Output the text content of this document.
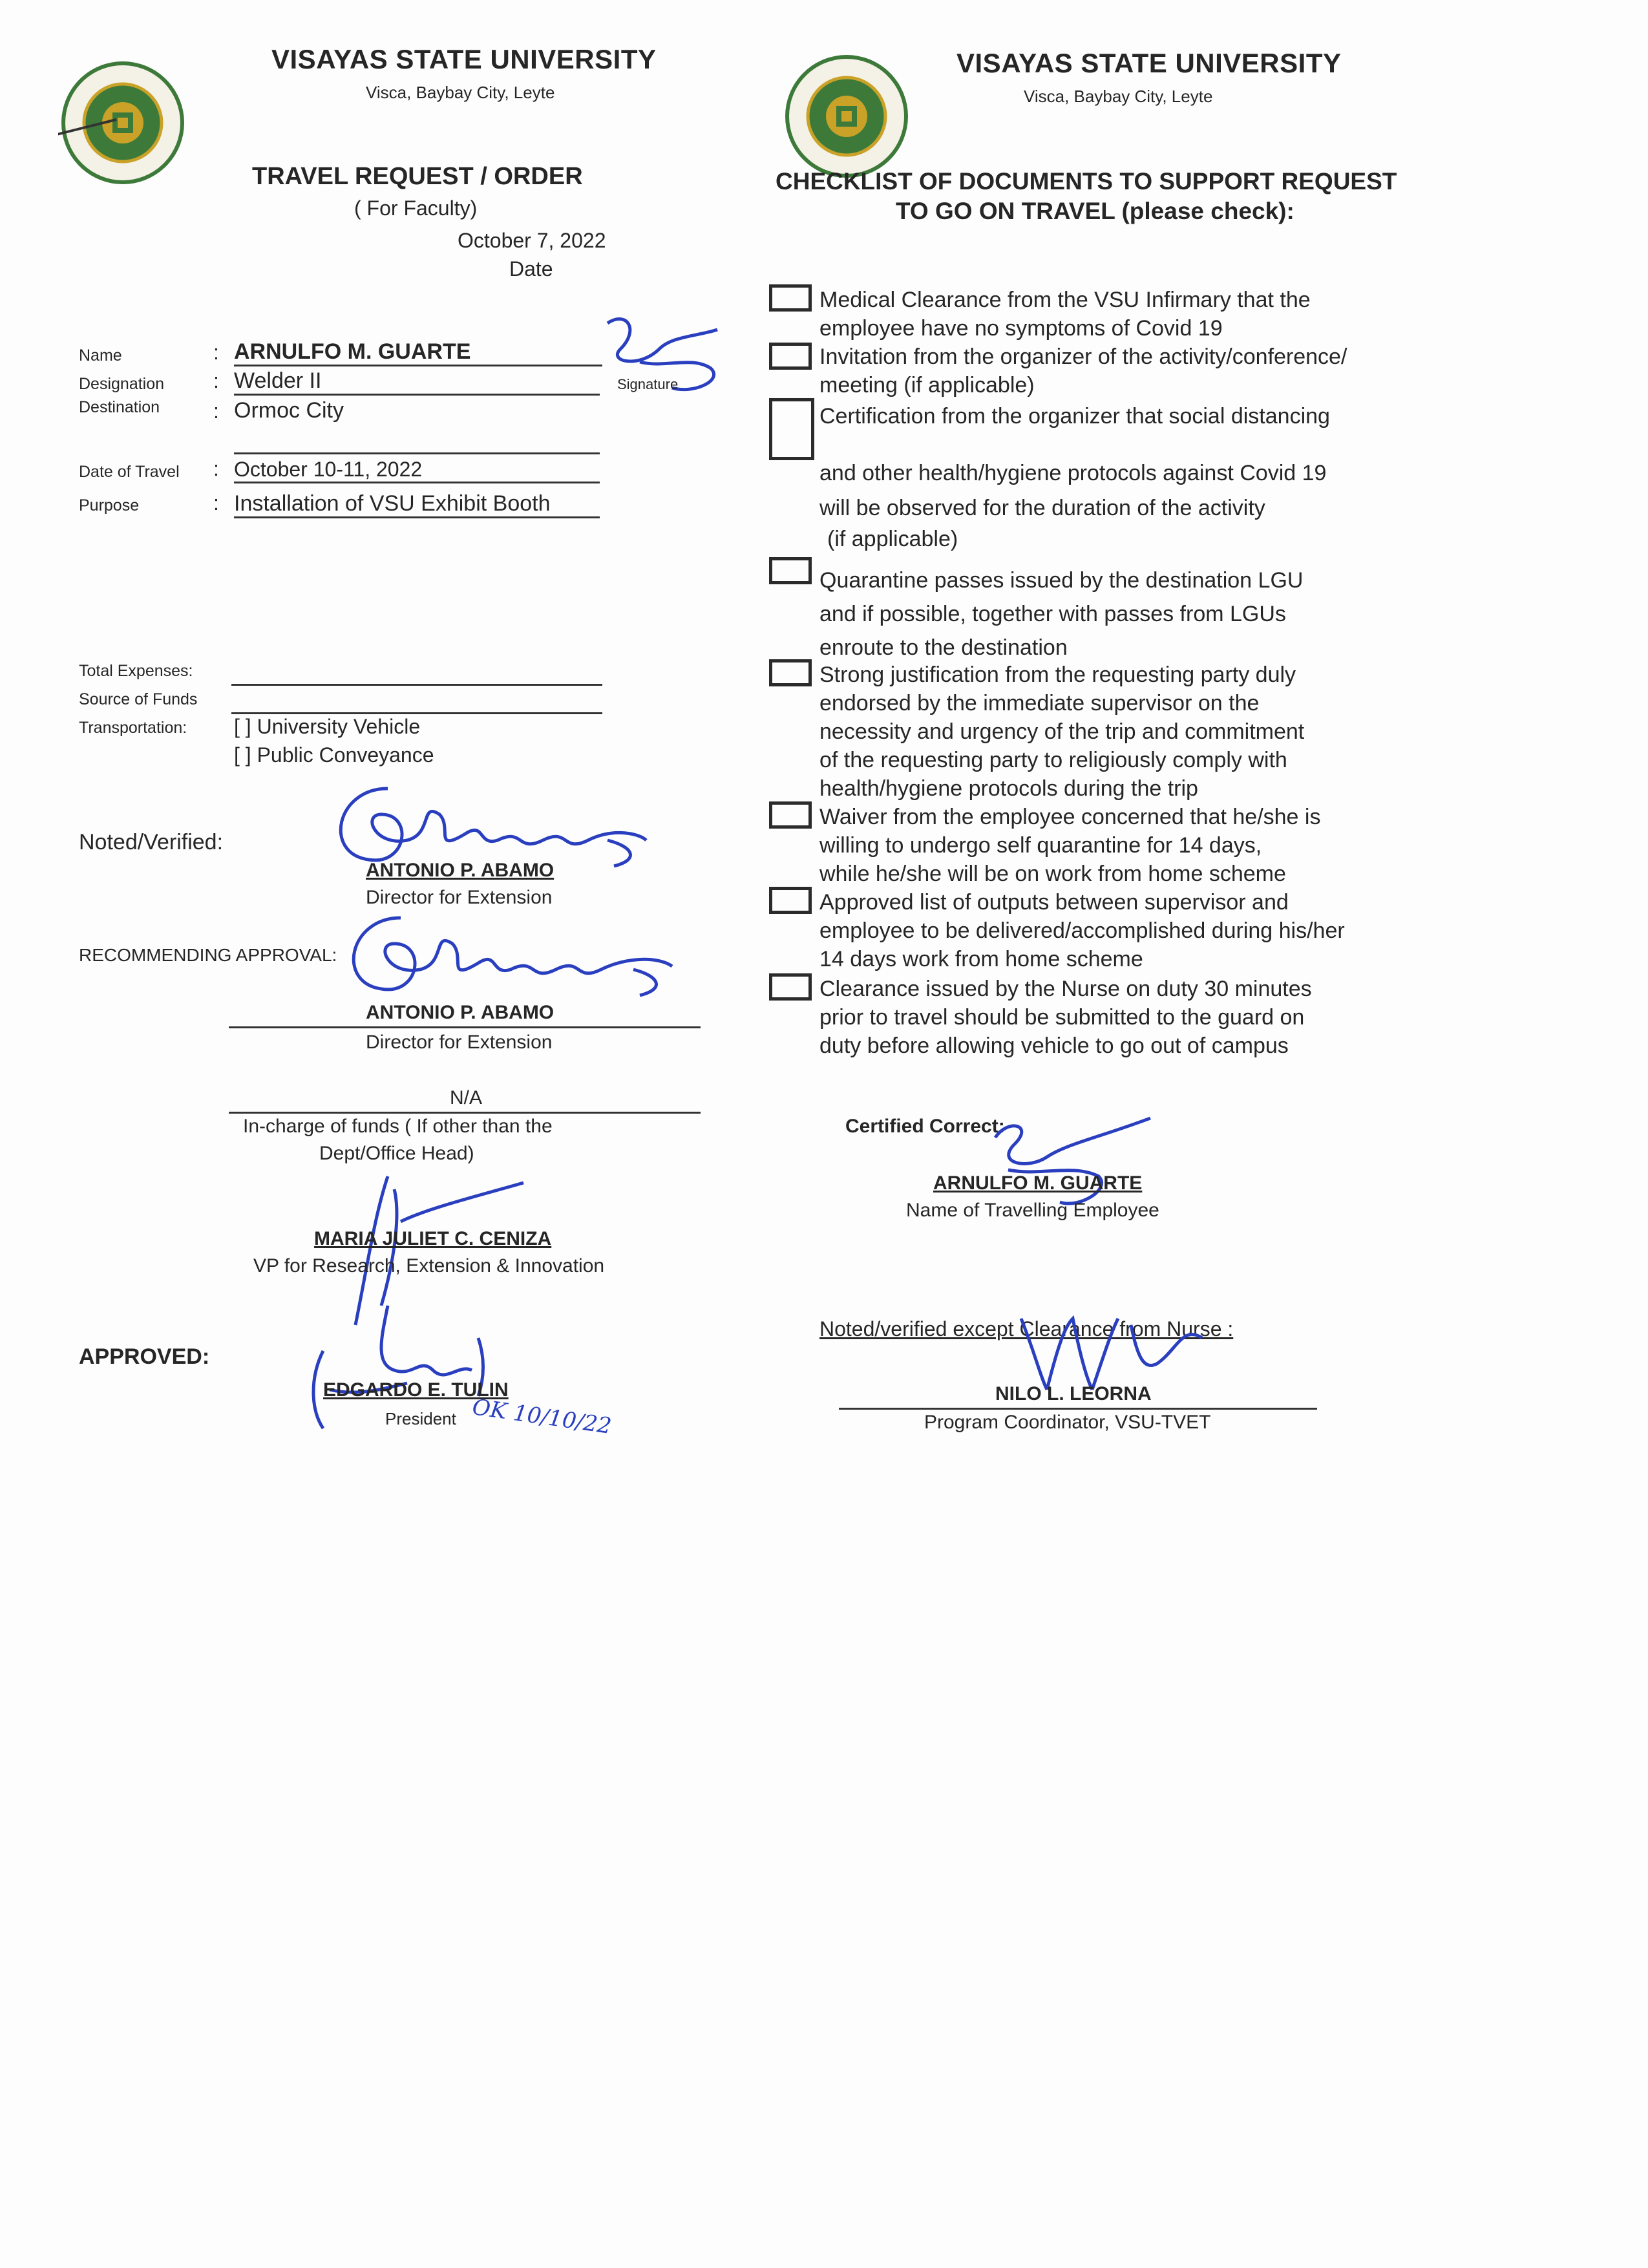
VISAYAS STATE UNIVERSITY
Visca, Baybay City, Leyte
VISAYAS STATE UNIVERSITY
Visca, Baybay City, Leyte
TRAVEL REQUEST / ORDER
( For Faculty)
October 7, 2022
Date
Name	: ARNULFO M. GUARTE
Designation : Welder II	Signature
Destination	: Ormoc City
Date of Travel : October 10-11, 2022
Purpose	: Installation of VSU Exhibit Booth
Total Expenses:
Source of Funds
Transportation: [ ] University Vehicle
[ ] Public Conveyance
Noted/Verified:
ANTONIO P. ABAMO
Director for Extension
RECOMMENDING APPROVAL:
ANTONIO P. ABAMO
Director for Extension
N/A
In-charge of funds ( If other than the
Dept/Office Head)
MARIA JULIET C. CENIZA
VP for Research, Extension & Innovation
APPROVED:
EDGARDO E. TULIN
President OK 10/10/22
CHECKLIST OF DOCUMENTS TO SUPPORT REQUEST
TO GO ON TRAVEL (please check):
Medical Clearance from the VSU Infirmary that the
employee have no symptoms of Covid 19
Invitation from the organizer of the activity/conference/
meeting (if applicable)
Certification from the organizer that social distancing
and other health/hygiene protocols against Covid 19
will be observed for the duration of the activity
(if applicable)
Quarantine passes issued by the destination LGU
and if possible, together with passes from LGUs
enroute to the destination
Strong justification from the requesting party duly
endorsed by the immediate supervisor on the
necessity and urgency of the trip and commitment
of the requesting party to religiously comply with
health/hygiene protocols during the trip
Waiver from the employee concerned that he/she is
willing to undergo self quarantine for 14 days,
while he/she will be on work from home scheme
Approved list of outputs between supervisor and
employee to be delivered/accomplished during his/her
14 days work from home scheme
Clearance issued by the Nurse on duty 30 minutes
prior to travel should be submitted to the guard on
duty before allowing vehicle to go out of campus
Certified Correct:
ARNULFO M. GUARTE
Name of Travelling Employee
Noted/verified except Clearance from Nurse :
NILO L. LEORNA
Program Coordinator, VSU-TVET
